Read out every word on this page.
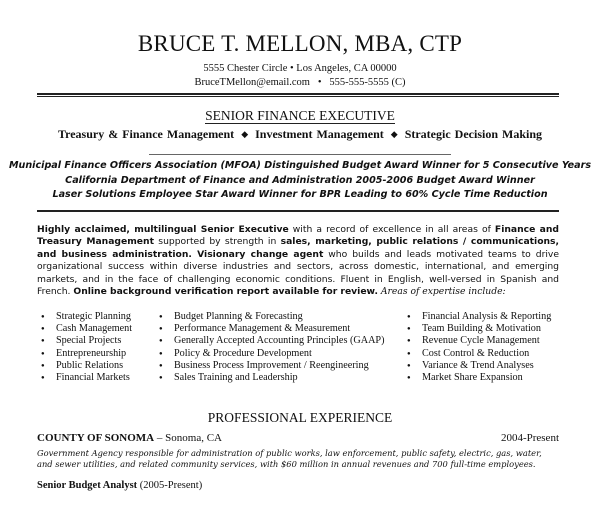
BRUCE T. MELLON, MBA, CTP
5555 Chester Circle • Los Angeles, CA 00000
BruceTMellon@email.com   •   555-555-5555 (C)
SENIOR FINANCE EXECUTIVE
Treasury & Finance Management ◆ Investment Management ◆ Strategic Decision Making
Municipal Finance Officers Association (MFOA) Distinguished Budget Award Winner for 5 Consecutive Years
California Department of Finance and Administration 2005-2006 Budget Award Winner
Laser Solutions Employee Star Award Winner for BPR Leading to 60% Cycle Time Reduction
Highly acclaimed, multilingual Senior Executive with a record of excellence in all areas of Finance and Treasury Management supported by strength in sales, marketing, public relations / communications, and business administration. Visionary change agent who builds and leads motivated teams to drive organizational success within diverse industries and sectors, across domestic, international, and emerging markets, and in the face of challenging economic conditions. Fluent in English, well-versed in Spanish and French. Online background verification report available for review. Areas of expertise include:
● Strategic Planning
● Cash Management
● Special Projects
● Entrepreneurship
● Public Relations
● Financial Markets
● Budget Planning & Forecasting
● Performance Management & Measurement
● Generally Accepted Accounting Principles (GAAP)
● Policy & Procedure Development
● Business Process Improvement / Reengineering
● Sales Training and Leadership
● Financial Analysis & Reporting
● Team Building & Motivation
● Revenue Cycle Management
● Cost Control & Reduction
● Variance & Trend Analyses
● Market Share Expansion
PROFESSIONAL EXPERIENCE
COUNTY OF SONOMA – Sonoma, CA	2004-Present
Government Agency responsible for administration of public works, law enforcement, public safety, electric, gas, water, and sewer utilities, and related community services, with $60 million in annual revenues and 700 full-time employees.
Senior Budget Analyst (2005-Present)
